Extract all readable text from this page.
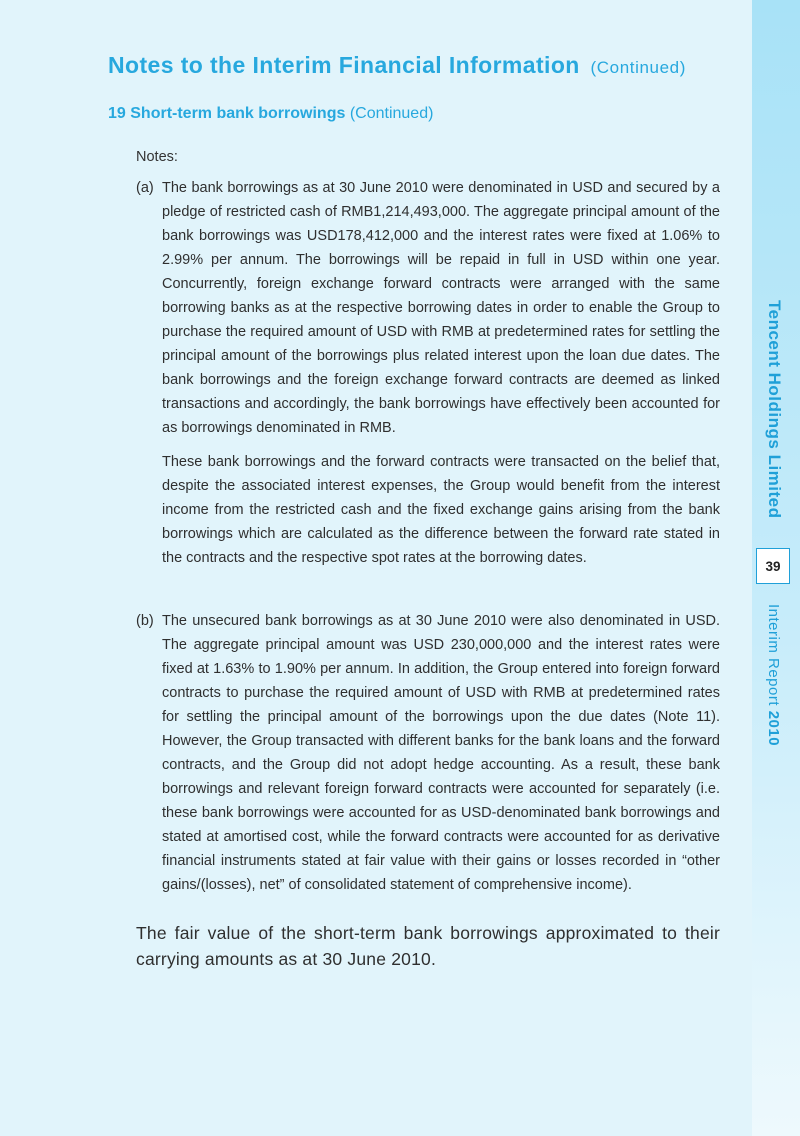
Notes to the Interim Financial Information (Continued)
19 Short-term bank borrowings (Continued)
Notes:
(a) The bank borrowings as at 30 June 2010 were denominated in USD and secured by a pledge of restricted cash of RMB1,214,493,000. The aggregate principal amount of the bank borrowings was USD178,412,000 and the interest rates were fixed at 1.06% to 2.99% per annum. The borrowings will be repaid in full in USD within one year. Concurrently, foreign exchange forward contracts were arranged with the same borrowing banks as at the respective borrowing dates in order to enable the Group to purchase the required amount of USD with RMB at predetermined rates for settling the principal amount of the borrowings plus related interest upon the loan due dates. The bank borrowings and the foreign exchange forward contracts are deemed as linked transactions and accordingly, the bank borrowings have effectively been accounted for as borrowings denominated in RMB.

These bank borrowings and the forward contracts were transacted on the belief that, despite the associated interest expenses, the Group would benefit from the interest income from the restricted cash and the fixed exchange gains arising from the bank borrowings which are calculated as the difference between the forward rate stated in the contracts and the respective spot rates at the borrowing dates.

(b) The unsecured bank borrowings as at 30 June 2010 were also denominated in USD. The aggregate principal amount was USD 230,000,000 and the interest rates were fixed at 1.63% to 1.90% per annum. In addition, the Group entered into foreign forward contracts to purchase the required amount of USD with RMB at predetermined rates for settling the principal amount of the borrowings upon the due dates (Note 11). However, the Group transacted with different banks for the bank loans and the forward contracts, and the Group did not adopt hedge accounting. As a result, these bank borrowings and relevant foreign forward contracts were accounted for separately (i.e. these bank borrowings were accounted for as USD-denominated bank borrowings and stated at amortised cost, while the forward contracts were accounted for as derivative financial instruments stated at fair value with their gains or losses recorded in “other gains/(losses), net” of consolidated statement of comprehensive income).

The fair value of the short-term bank borrowings approximated to their carrying amounts as at 30 June 2010.

Tencent Holdings Limited
39
Interim Report 2010
